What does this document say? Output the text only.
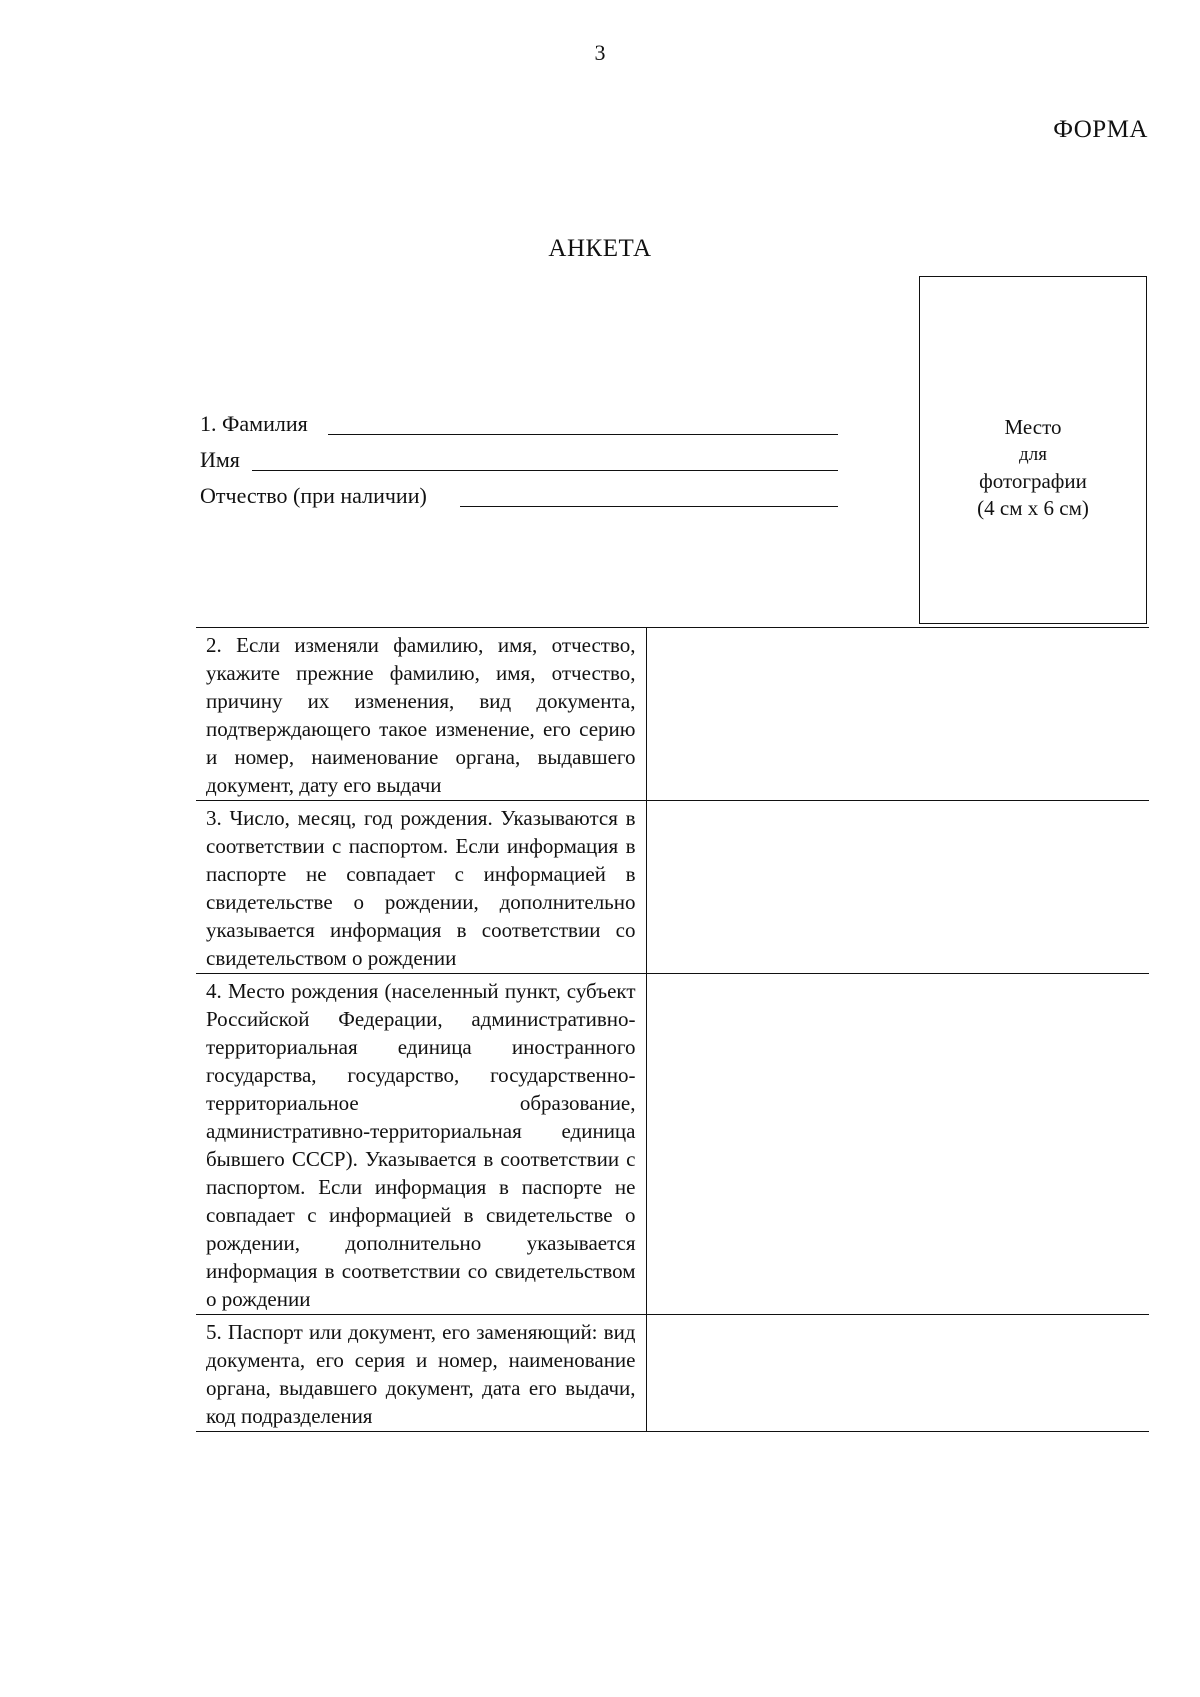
3
ФОРМА
АНКЕТА
Место
для
фотографии
(4 см х 6 см)
1. Фамилия
Имя
Отчество (при наличии)
2. Если изменяли фамилию, имя, отчество, укажите прежние фамилию, имя, отчество, причину их изменения, вид документа, подтверждающего такое изменение, его серию и номер, наименование органа, выдавшего документ, дату его выдачи	
3. Число, месяц, год рождения. Указываются в соответствии с паспортом. Если информация в паспорте не совпадает с информацией в свидетельстве о рождении, дополнительно указывается информация в соответствии со свидетельством о рождении	
4. Место рождения (населенный пункт, субъект Российской Федерации, административно-территориальная единица иностранного государства, государство, государственно-территориальное образование, административно-территориальная единица бывшего СССР). Указывается в соответствии с паспортом. Если информация в паспорте не совпадает с информацией в свидетельстве о рождении, дополнительно указывается информация в соответствии со свидетельством о рождении	
5. Паспорт или документ, его заменяющий: вид документа, его серия и номер, наименование органа, выдавшего документ, дата его выдачи, код подразделения	
